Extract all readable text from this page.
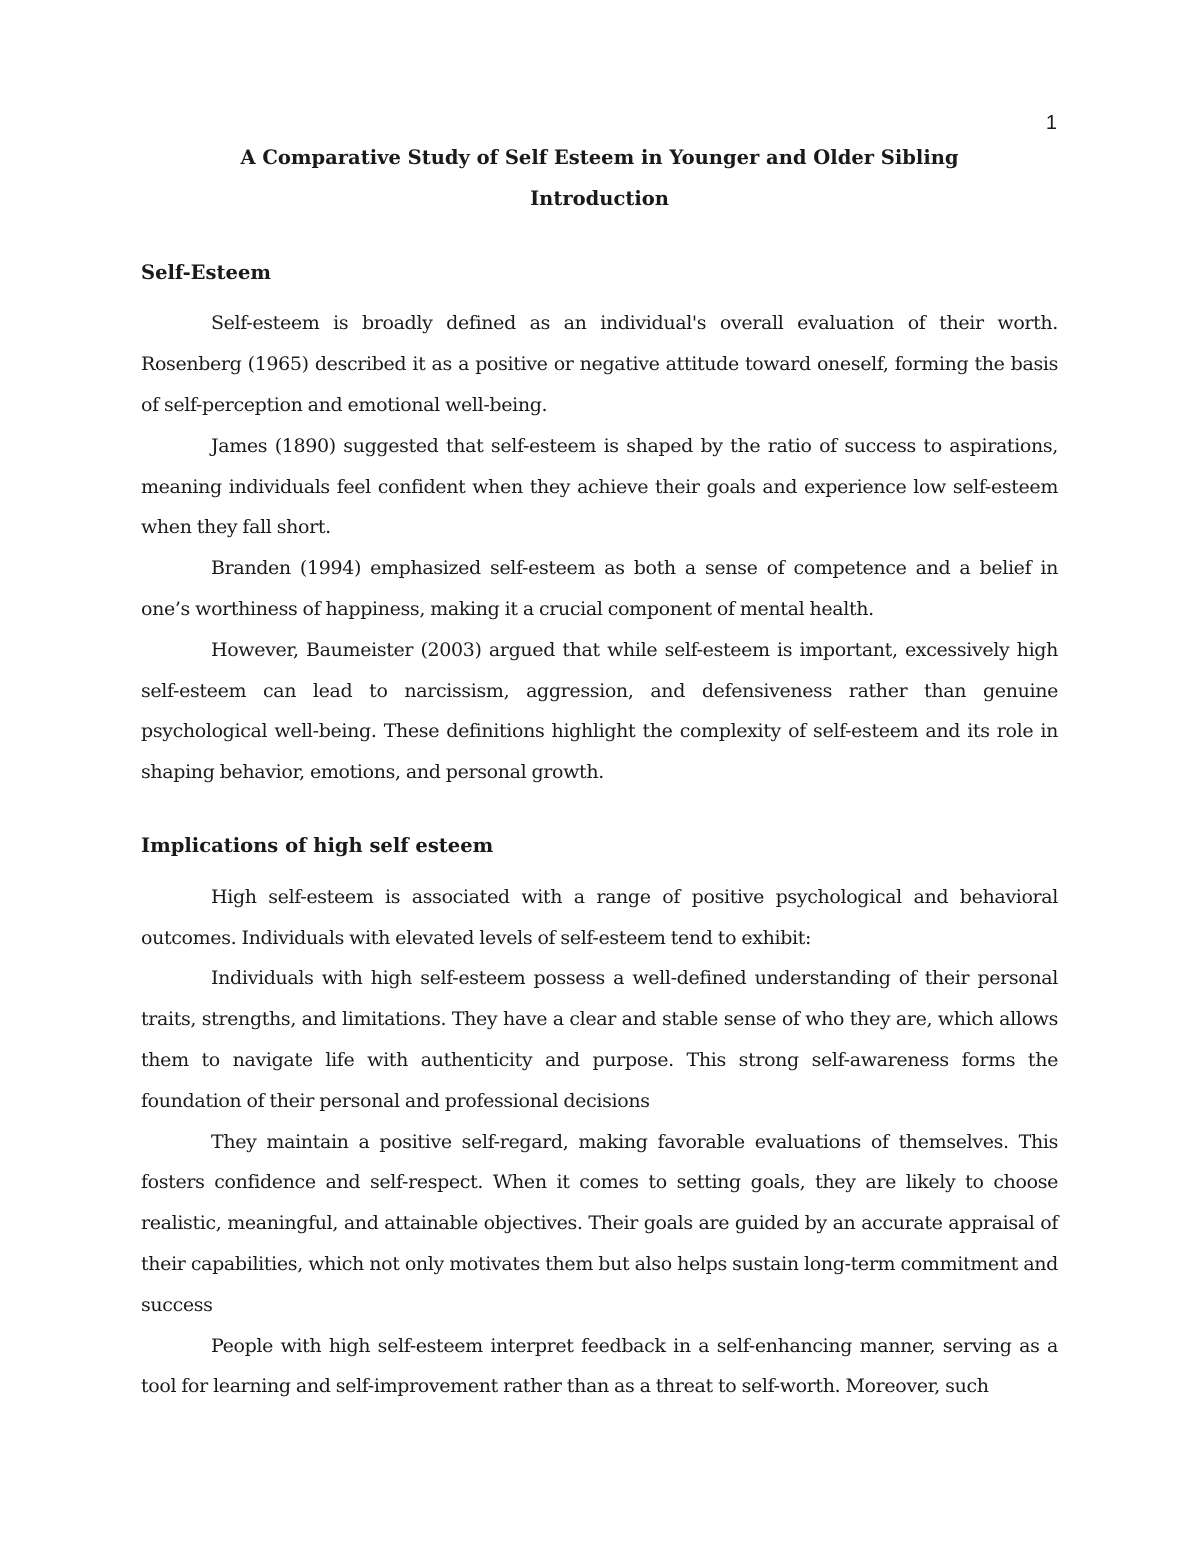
1
A Comparative Study of Self Esteem in Younger and Older Sibling
Introduction
Self-Esteem

Self-esteem is broadly defined as an individual's overall evaluation of their worth. Rosenberg (1965) described it as a positive or negative attitude toward oneself, forming the basis of self-perception and emotional well-being.

James (1890) suggested that self-esteem is shaped by the ratio of success to aspirations, meaning individuals feel confident when they achieve their goals and experience low self-esteem when they fall short.

Branden (1994) emphasized self-esteem as both a sense of competence and a belief in one’s worthiness of happiness, making it a crucial component of mental health.

However, Baumeister (2003) argued that while self-esteem is important, excessively high self-esteem can lead to narcissism, aggression, and defensiveness rather than genuine psychological well-being. These definitions highlight the complexity of self-esteem and its role in shaping behavior, emotions, and personal growth.

Implications of high self esteem

High self-esteem is associated with a range of positive psychological and behavioral outcomes. Individuals with elevated levels of self-esteem tend to exhibit:

Individuals with high self-esteem possess a well-defined understanding of their personal traits, strengths, and limitations. They have a clear and stable sense of who they are, which allows them to navigate life with authenticity and purpose. This strong self-awareness forms the foundation of their personal and professional decisions

They maintain a positive self-regard, making favorable evaluations of themselves. This fosters confidence and self-respect. When it comes to setting goals, they are likely to choose realistic, meaningful, and attainable objectives. Their goals are guided by an accurate appraisal of their capabilities, which not only motivates them but also helps sustain long-term commitment and success

People with high self-esteem interpret feedback in a self-enhancing manner, serving as a tool for learning and self-improvement rather than as a threat to self-worth. Moreover, such
